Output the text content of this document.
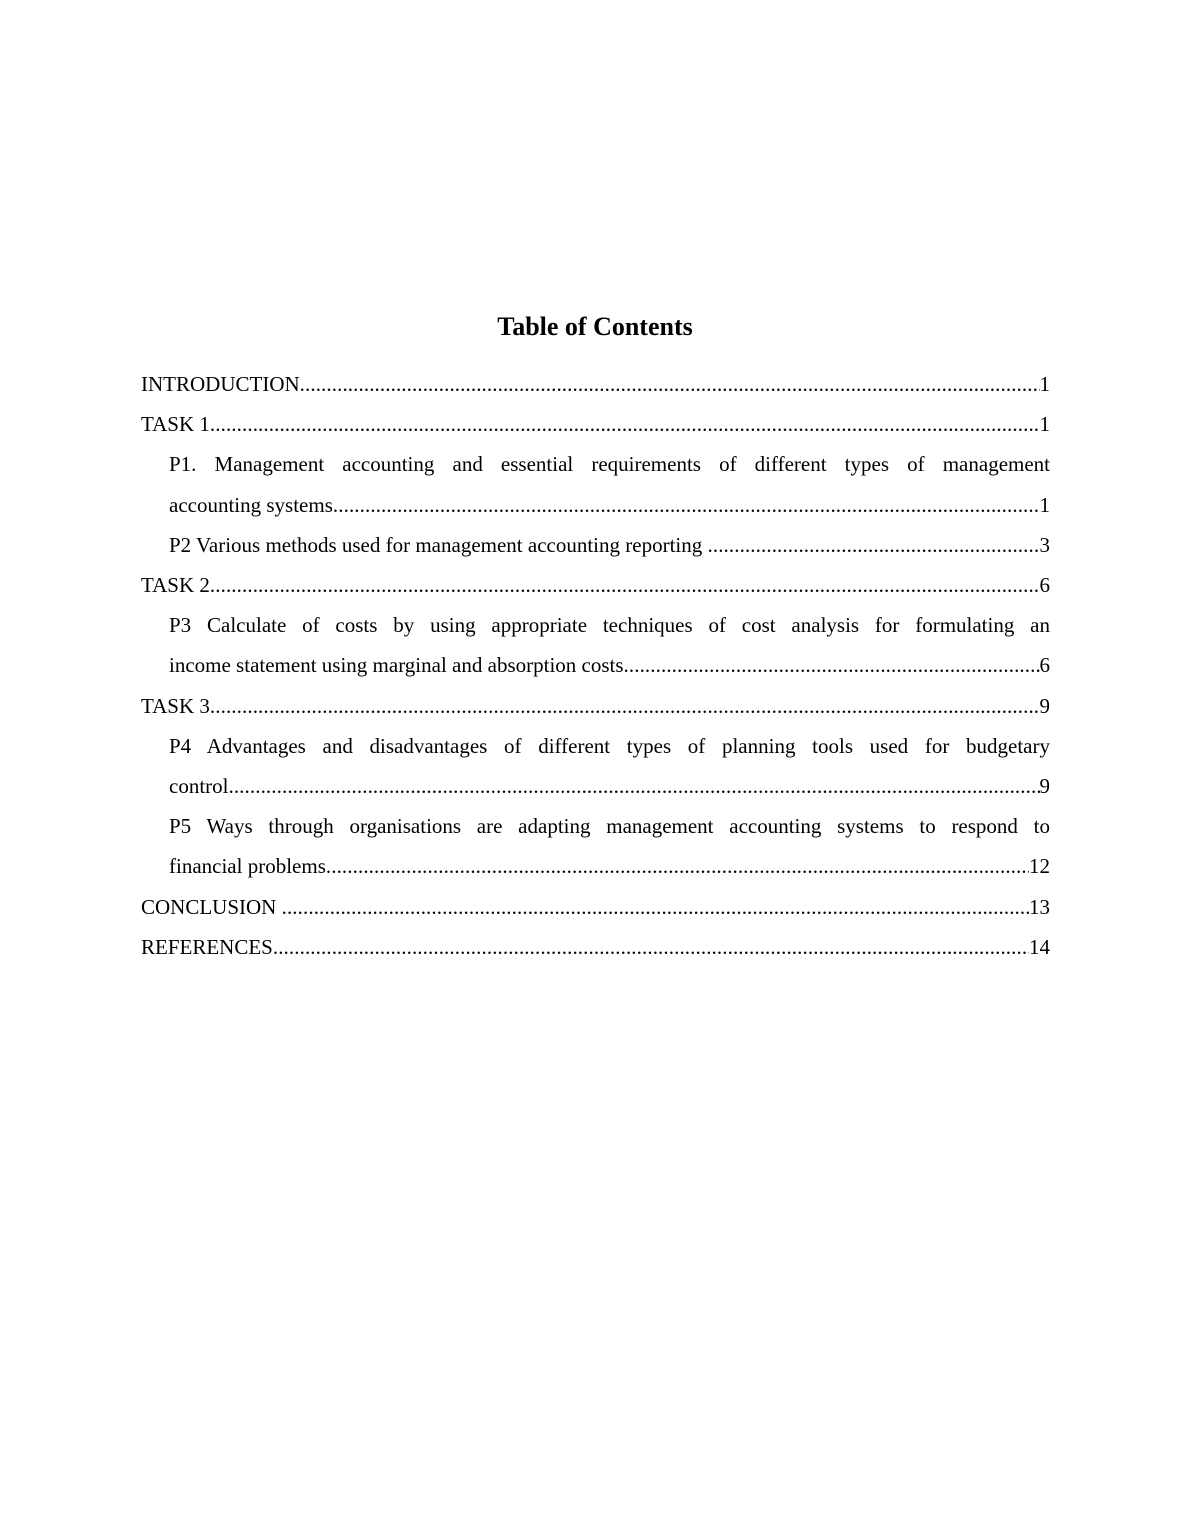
Table of Contents
INTRODUCTION .....	1
TASK 1 .....	1
P1. Management accounting and essential requirements of different types of management
accounting systems .....	1
P2 Various methods used for management accounting reporting .....	3
TASK 2 .....	6
P3 Calculate of costs by using appropriate techniques of cost analysis for formulating an
income statement using marginal and absorption costs .....	6
TASK 3 .....	9
P4 Advantages and disadvantages of different types of planning tools used for budgetary
control .....	9
P5 Ways through organisations are adapting management accounting systems to respond to
financial problems .....	12
CONCLUSION .....	13
REFERENCES .....	14
